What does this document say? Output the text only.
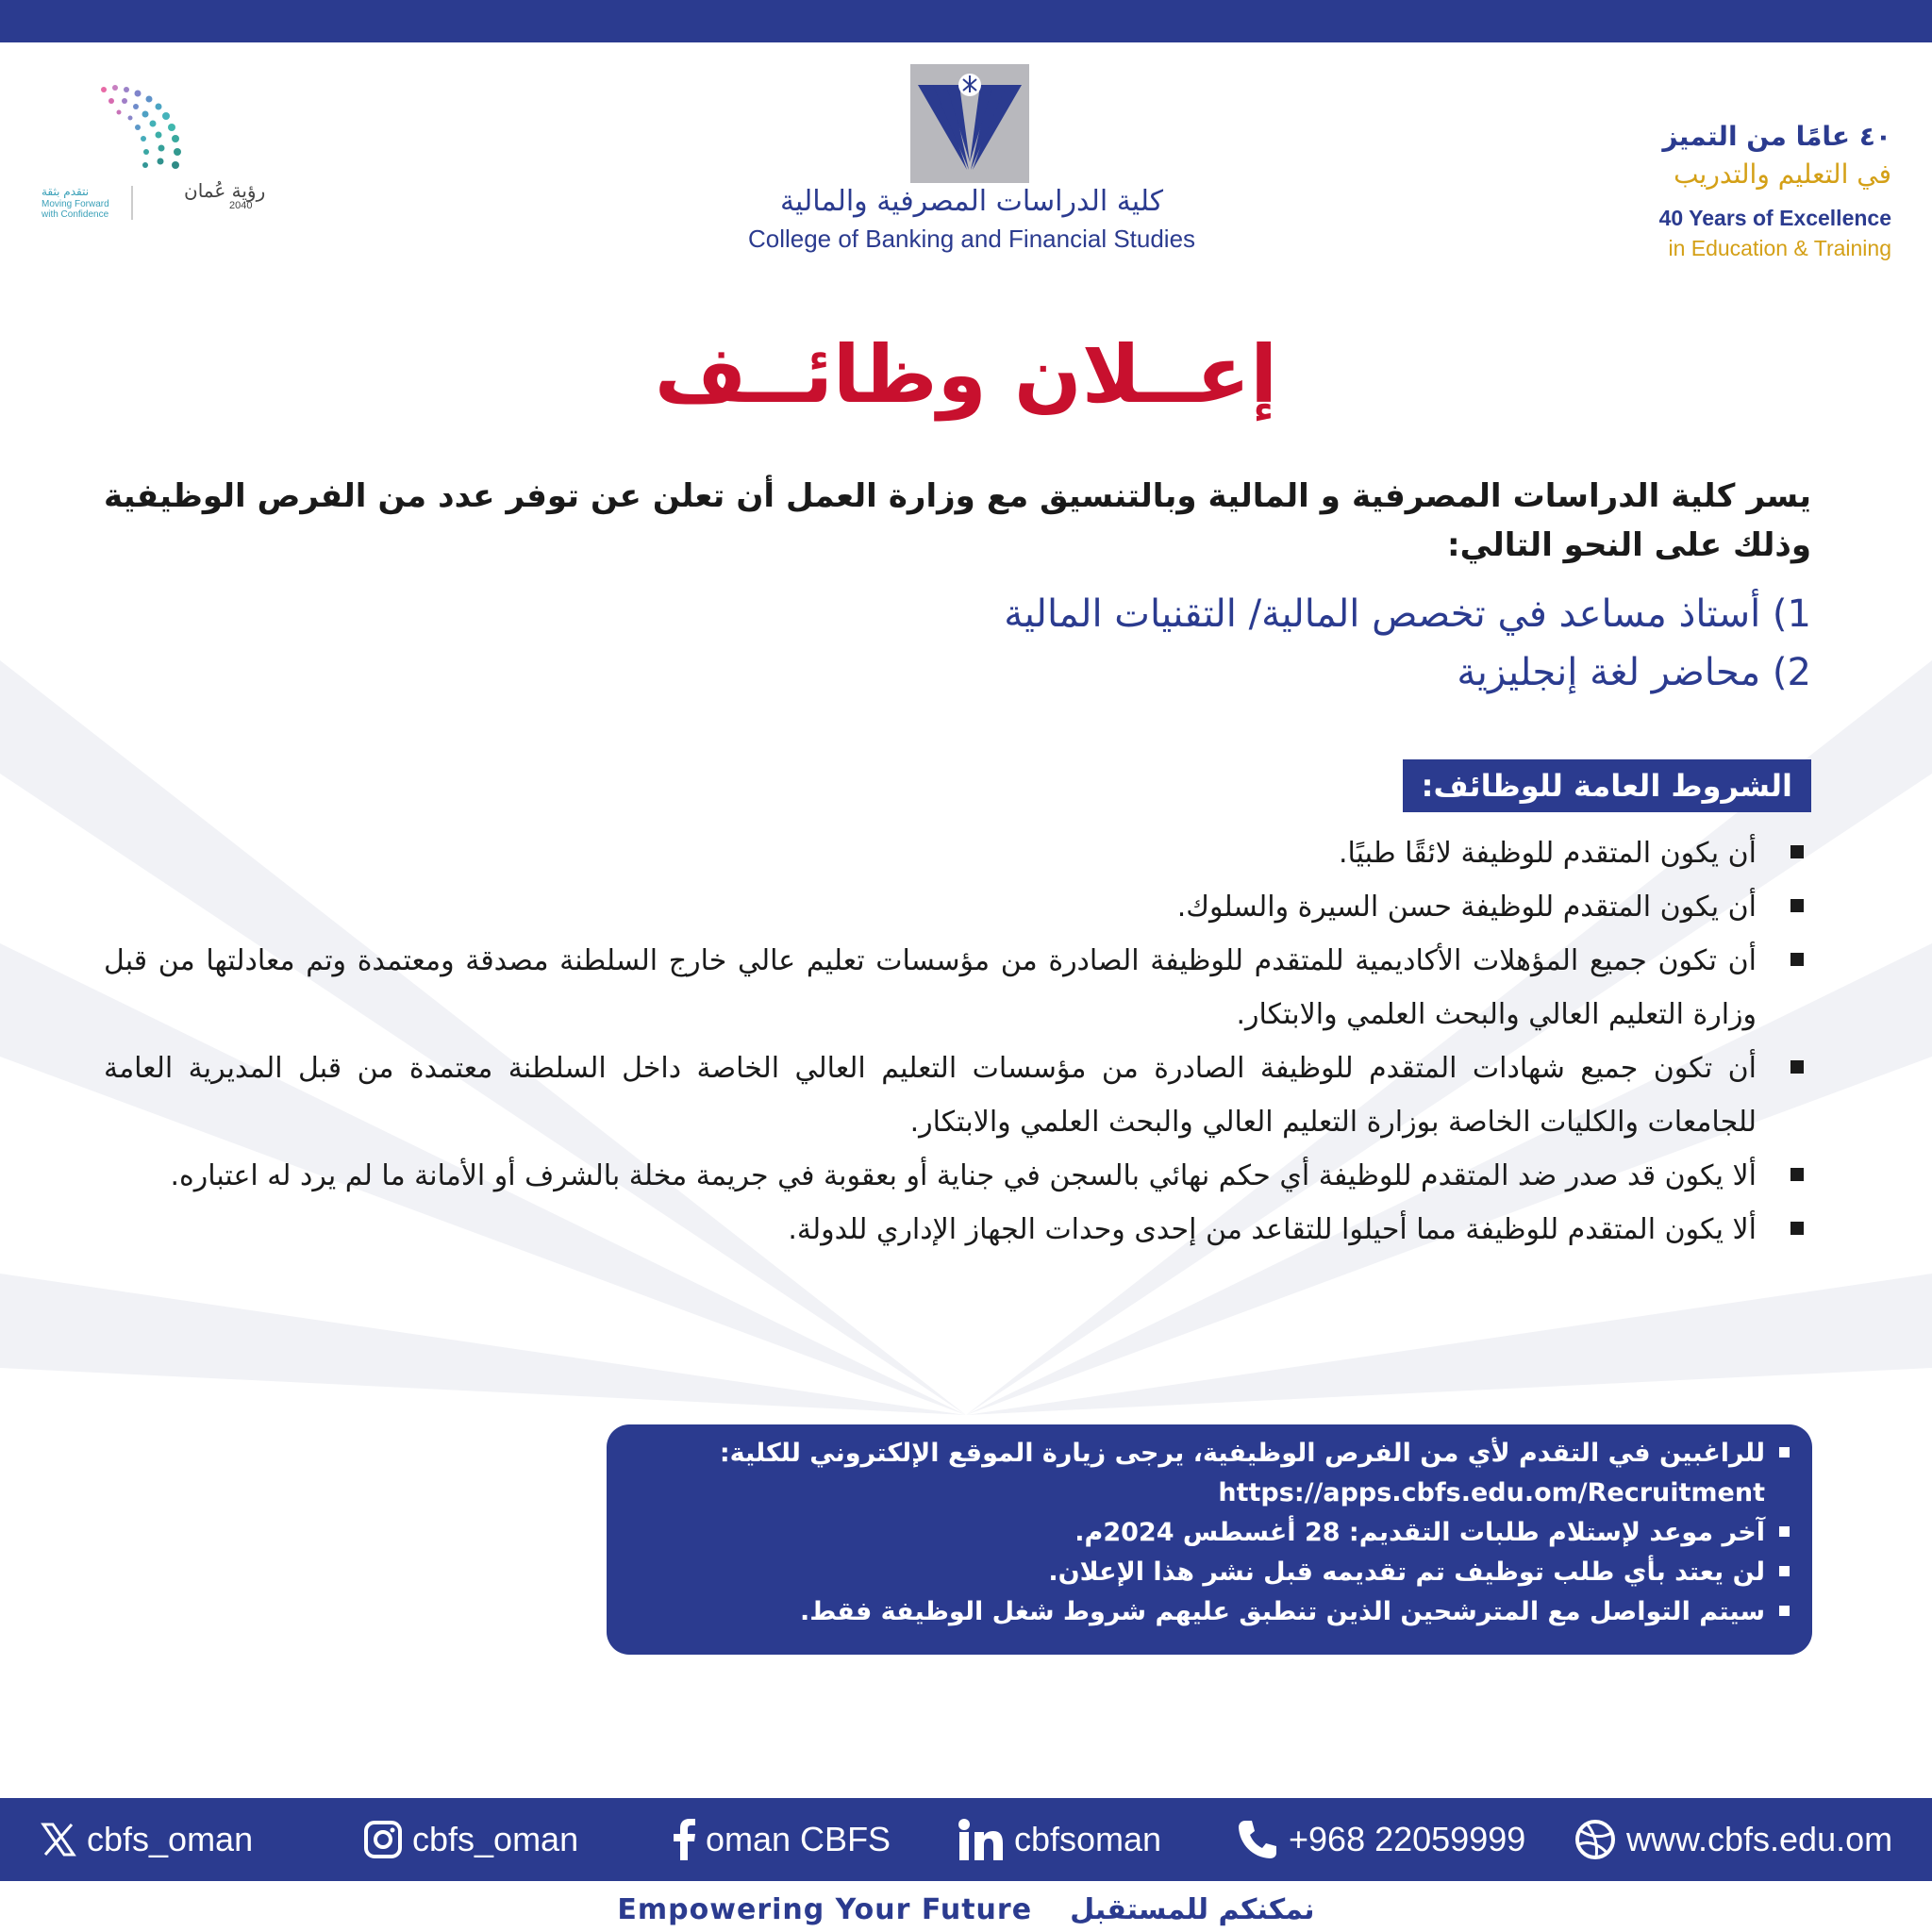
٤٠ عامًا من التميز
في التعليم والتدريب
40 Years of Excellence
in Education & Training
كلية الدراسات المصرفية والمالية
College of Banking and Financial Studies
رؤية عُمان
2040
نتقدم بثقة
Moving Forward
with Confidence
إعــلان وظائــف
يسر كلية الدراسات المصرفية و المالية وبالتنسيق مع وزارة العمل أن تعلن عن توفر عدد من الفرص الوظيفية وذلك على النحو التالي:
1) أستاذ مساعد في تخصص المالية/ التقنيات المالية
2) محاضر لغة إنجليزية
الشروط العامة للوظائف:
أن يكون المتقدم للوظيفة لائقًا طبيًا.
أن يكون المتقدم للوظيفة حسن السيرة والسلوك.
أن تكون جميع المؤهلات الأكاديمية للمتقدم للوظيفة الصادرة من مؤسسات تعليم عالي خارج السلطنة مصدقة ومعتمدة وتم معادلتها من قبل وزارة التعليم العالي والبحث العلمي والابتكار.
أن تكون جميع شهادات المتقدم للوظيفة الصادرة من مؤسسات التعليم العالي الخاصة داخل السلطنة معتمدة من قبل المديرية العامة للجامعات والكليات الخاصة بوزارة التعليم العالي والبحث العلمي والابتكار.
ألا يكون قد صدر ضد المتقدم للوظيفة أي حكم نهائي بالسجن في جناية أو بعقوبة في جريمة مخلة بالشرف أو الأمانة ما لم يرد له اعتباره.
ألا يكون المتقدم للوظيفة مما أحيلوا للتقاعد من إحدى وحدات الجهاز الإداري للدولة.
للراغبين في التقدم لأي من الفرص الوظيفية، يرجى زيارة الموقع الإلكتروني للكلية:
https://apps.cbfs.edu.om/Recruitment
آخر موعد لإستلام طلبات التقديم: 28 أغسطس 2024م.
لن يعتد بأي طلب توظيف تم تقديمه قبل نشر هذا الإعلان.
سيتم التواصل مع المترشحين الذين تنطبق عليهم شروط شغل الوظيفة فقط.
cbfs_oman	cbfs_oman	oman CBFS	cbfsoman	+968 22059999	www.cbfs.edu.om
Empowering Your Future نمكنكم للمستقبل
